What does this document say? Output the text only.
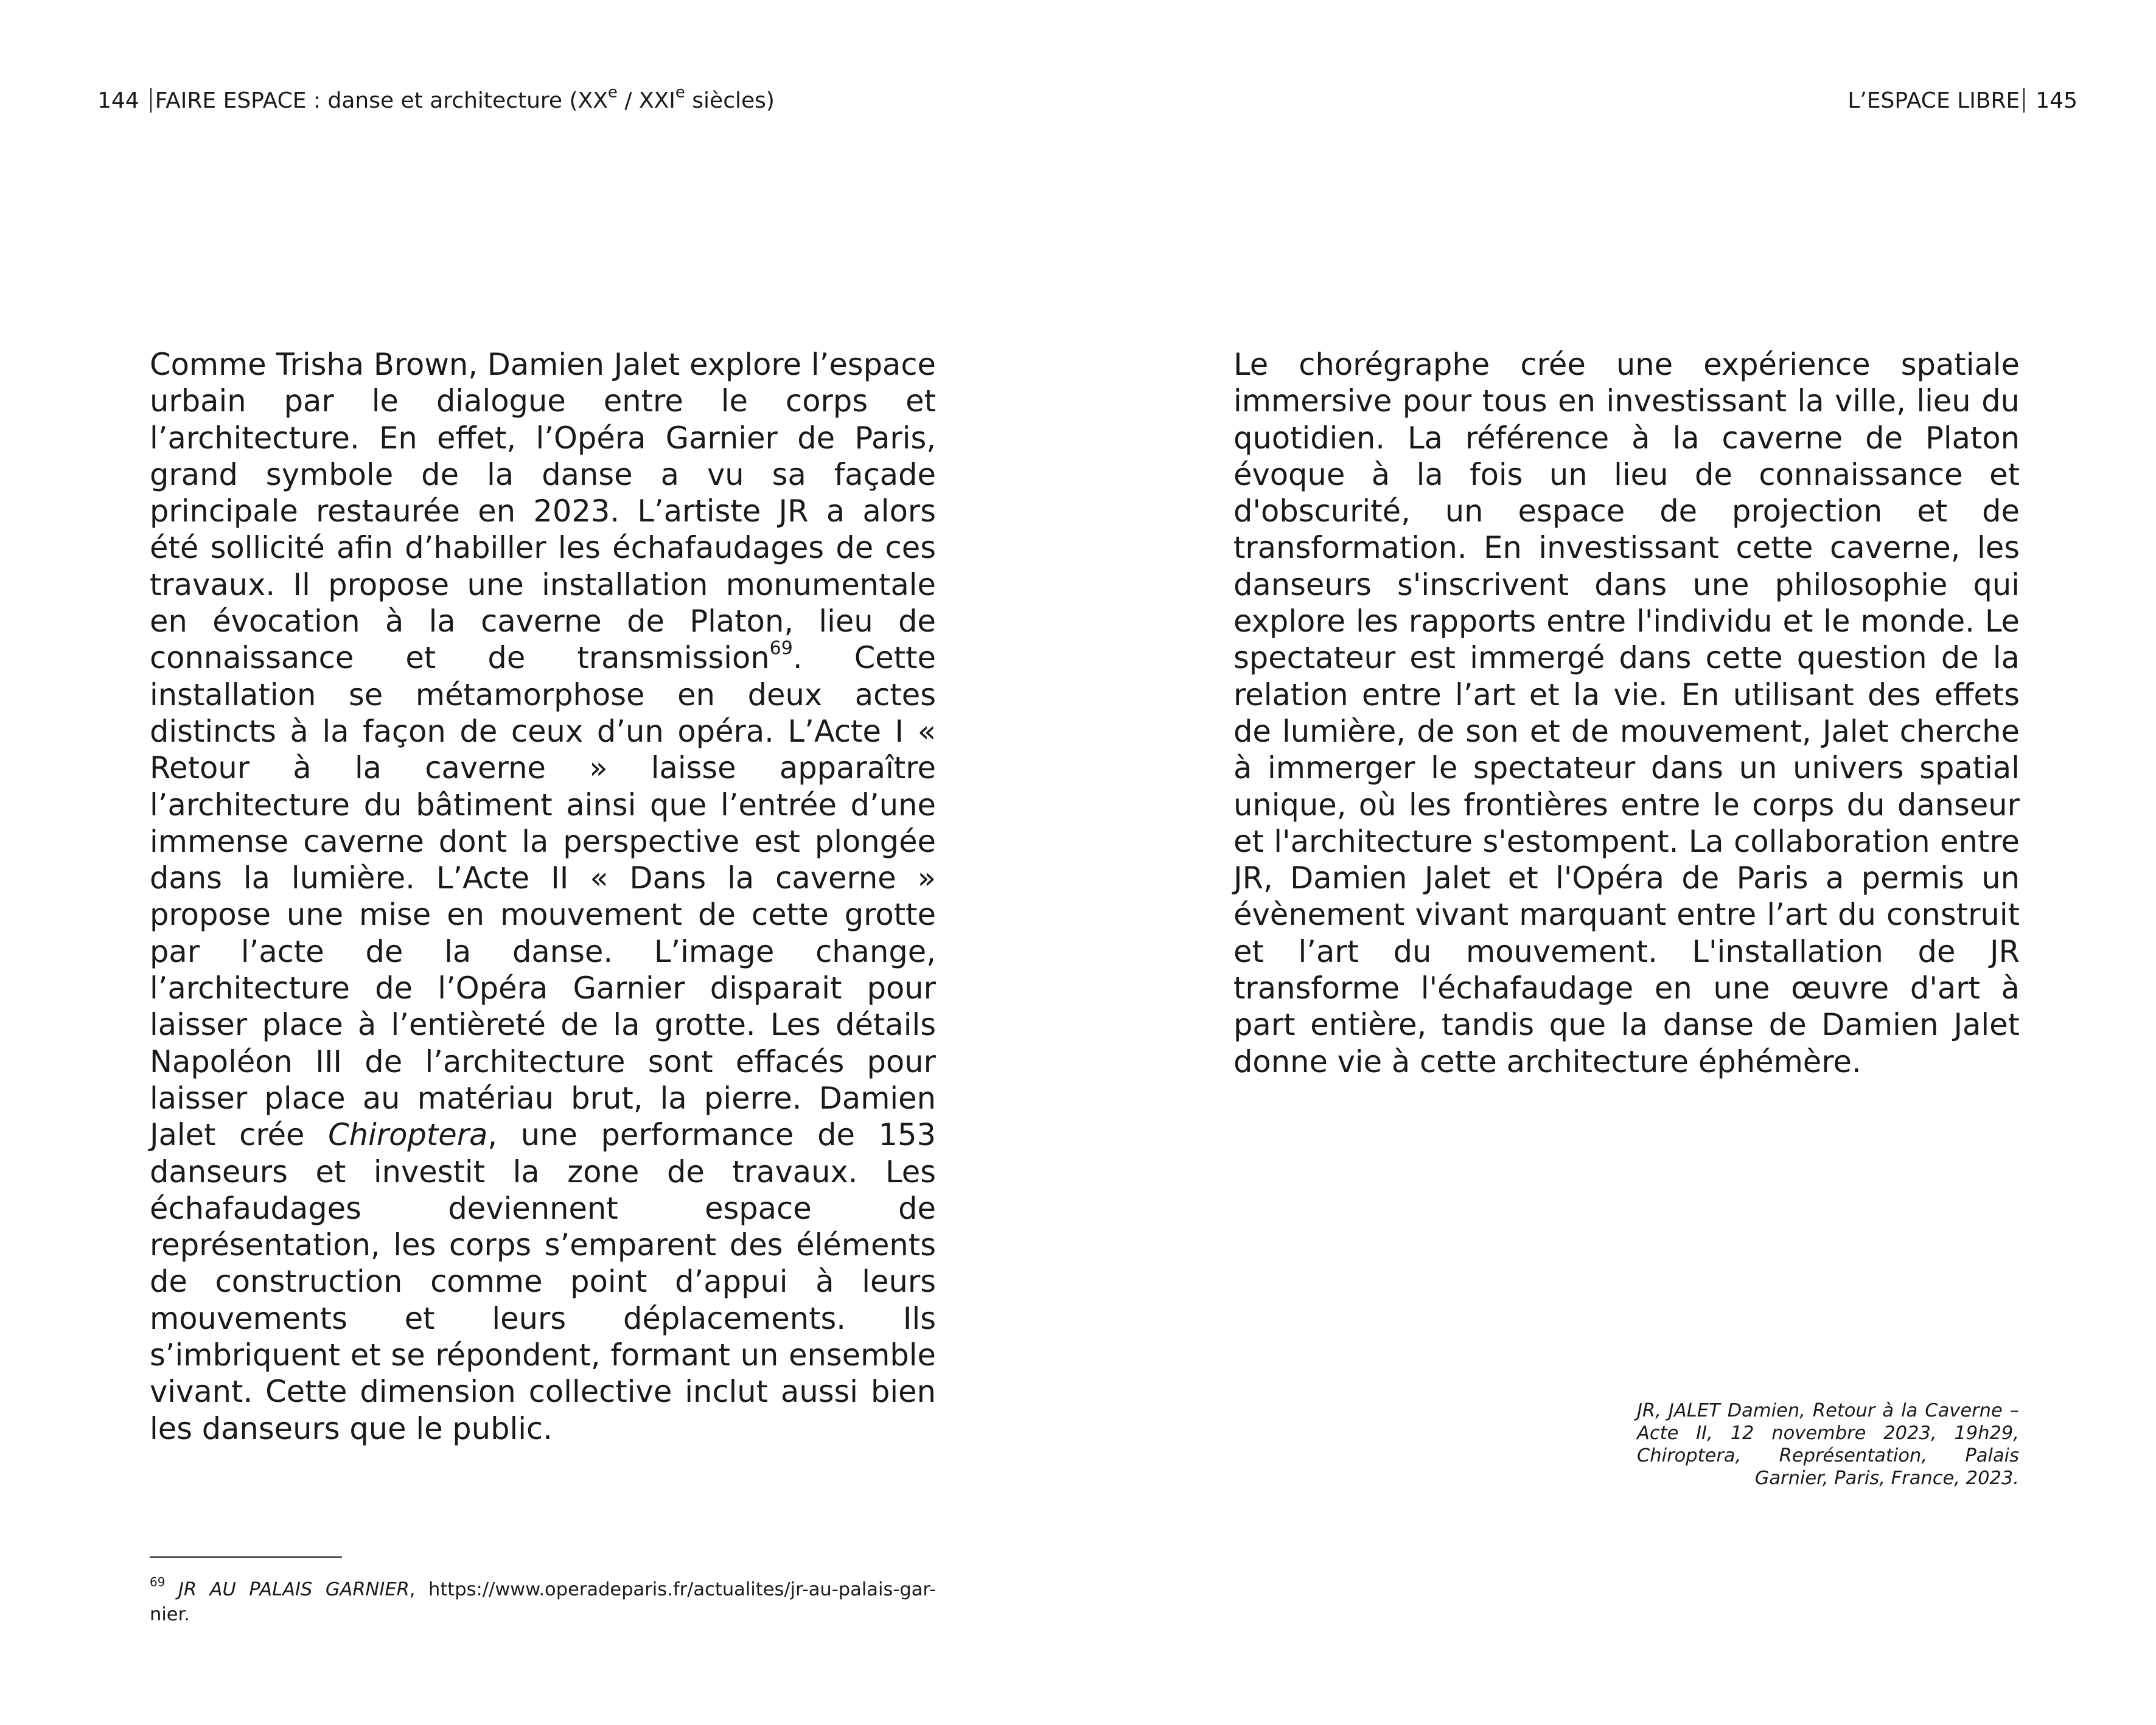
144 FAIRE ESPACE : danse et architecture (XXe / XXIe siècles)	L’ESPACE LIBRE 145

Comme Trisha Brown, Damien Jalet explore l’espace urbain par le dialogue entre le corps et l’architecture. En effet, l’Opéra Garnier de Paris, grand symbole de la danse a vu sa façade principale restaurée en 2023. L’artiste JR a alors été sollicité afin d’habiller les échafaudages de ces travaux. Il propose une installation monumentale en évocation à la caverne de Platon, lieu de connaissance et de transmission$^{69}$. Cette installation se métamorphose en deux actes distincts à la façon de ceux d’un opéra. L’Acte I « Retour à la caverne » laisse apparaître l’architecture du bâtiment ainsi que l’entrée d’une immense caverne dont la perspective est plongée dans la lumière. L’Acte II « Dans la caverne » propose une mise en mouvement de cette grotte par l’acte de la danse. L’image change, l’architecture de l’Opéra Garnier disparait pour laisser place à l’entièreté de la grotte. Les détails Napoléon III de l’architecture sont effacés pour laisser place au matériau brut, la pierre. Damien Jalet crée Chiroptera, une performance de 153 danseurs et investit la zone de travaux. Les échafaudages deviennent espace de représentation, les corps s’emparent des éléments de construction comme point d’appui à leurs mouvements et leurs déplacements. Ils s’imbriquent et se répondent, formant un ensemble vivant. Cette dimension collective inclut aussi bien les danseurs que le public.

Le chorégraphe crée une expérience spatiale immersive pour tous en investissant la ville, lieu du quotidien. La référence à la caverne de Platon évoque à la fois un lieu de connaissance et d'obscurité, un espace de projection et de transformation. En investissant cette caverne, les danseurs s'inscrivent dans une philosophie qui explore les rapports entre l'individu et le monde. Le spectateur est immergé dans cette question de la relation entre l’art et la vie. En utilisant des effets de lumière, de son et de mouvement, Jalet cherche à immerger le spectateur dans un univers spatial unique, où les frontières entre le corps du danseur et l'architecture s'estompent. La collaboration entre JR, Damien Jalet et l'Opéra de Paris a permis un évènement vivant marquant entre l’art du construit et l’art du mouvement. L'installation de JR transforme l'échafaudage en une œuvre d'art à part entière, tandis que la danse de Damien Jalet donne vie à cette architecture éphémère.

JR, JALET Damien, Retour à la Caverne – Acte II, 12 novembre 2023, 19h29, Chiroptera, Représentation, Palais Garnier, Paris, France, 2023.
$^{69}$ JR AU PALAIS GARNIER, https://www.operadeparis.fr/actualites/jr-au-palais-gar-nier.
